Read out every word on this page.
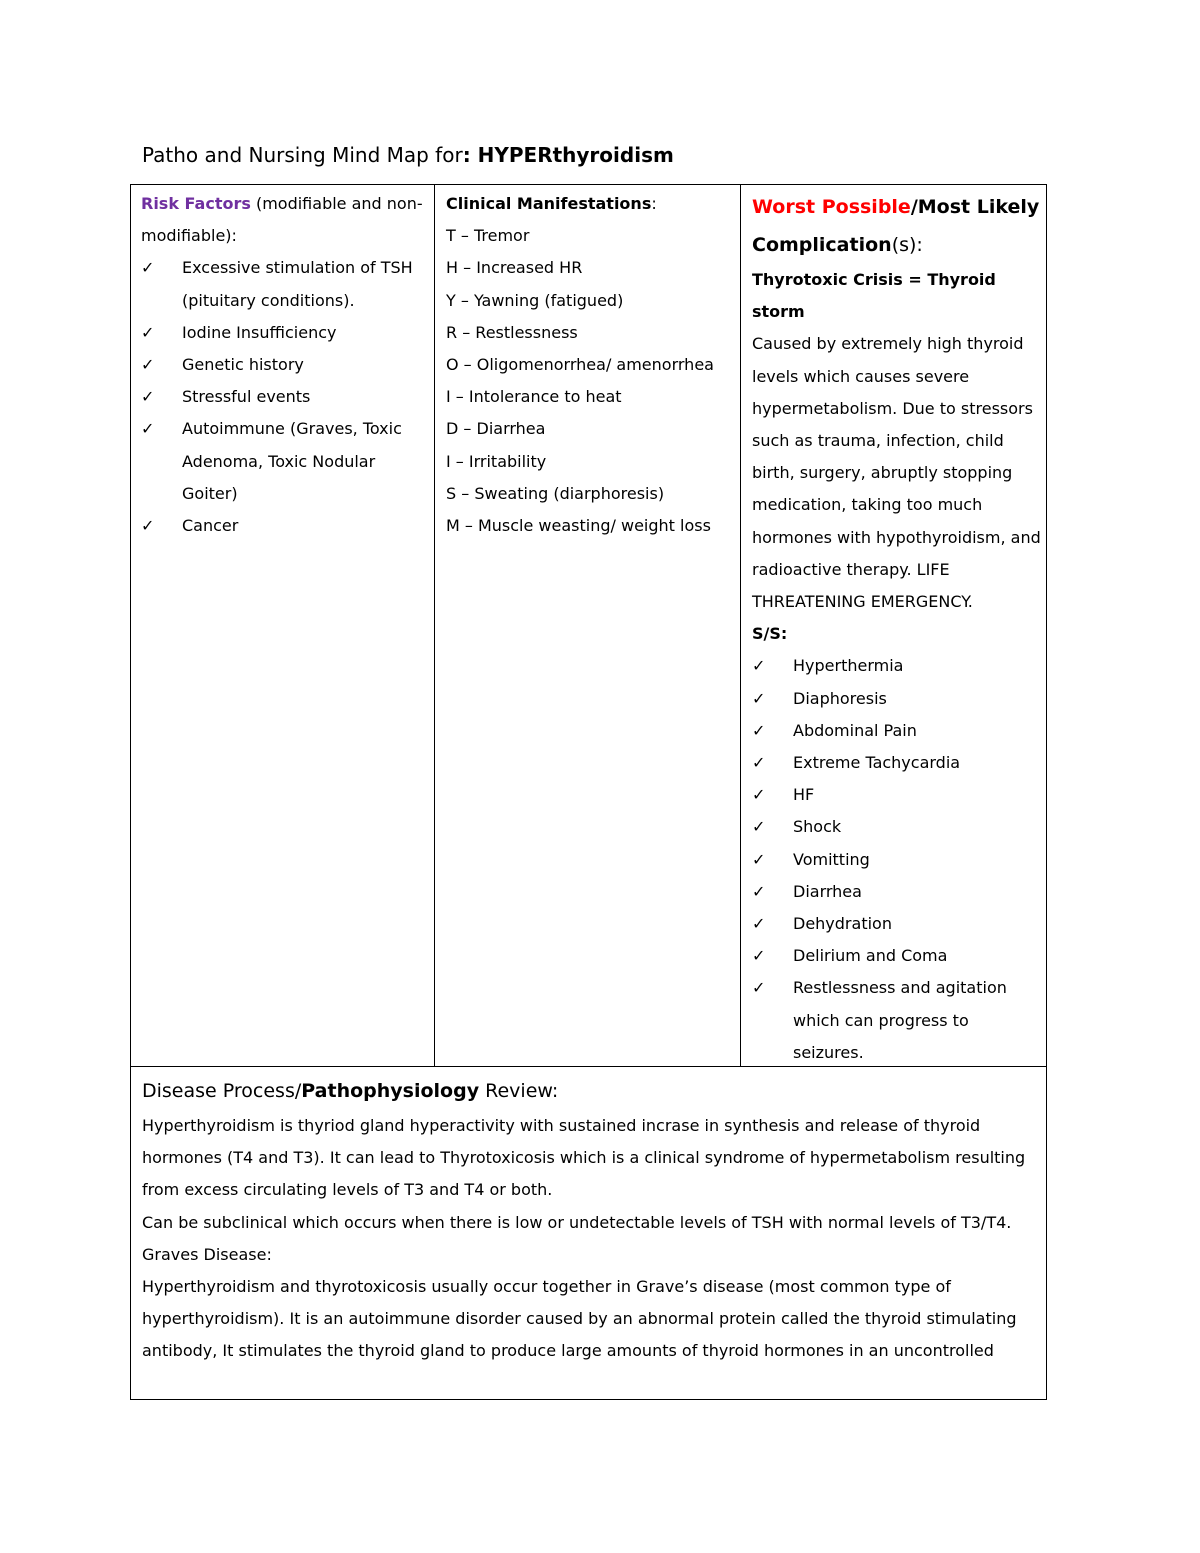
Patho and Nursing Mind Map for: HYPERthyroidism
Risk Factors (modifiable and non-modifiable):
✓ Excessive stimulation of TSH (pituitary conditions).
✓ Iodine Insufficiency
✓ Genetic history
✓ Stressful events
✓ Autoimmune (Graves, Toxic Adenoma, Toxic Nodular Goiter)
✓ Cancer
Clinical Manifestations:
T – Tremor
H – Increased HR
Y – Yawning (fatigued)
R – Restlessness
O – Oligomenorrhea/ amenorrhea
I – Intolerance to heat
D – Diarrhea
I – Irritability
S – Sweating (diarphoresis)
M – Muscle weasting/ weight loss
Worst Possible/Most Likely
Complication(s):
Thyrotoxic Crisis = Thyroid storm
Caused by extremely high thyroid levels which causes severe hypermetabolism. Due to stressors such as trauma, infection, child birth, surgery, abruptly stopping medication, taking too much hormones with hypothyroidism, and radioactive therapy. LIFE THREATENING EMERGENCY.
S/S:
✓ Hyperthermia
✓ Diaphoresis
✓ Abdominal Pain
✓ Extreme Tachycardia
✓ HF
✓ Shock
✓ Vomitting
✓ Diarrhea
✓ Dehydration
✓ Delirium and Coma
✓ Restlessness and agitation which can progress to seizures.
Disease Process/Pathophysiology Review:

Hyperthyroidism is thyriod gland hyperactivity with sustained incrase in synthesis and release of thyroid hormones (T4 and T3). It can lead to Thyrotoxicosis which is a clinical syndrome of hypermetabolism resulting from excess circulating levels of T3 and T4 or both.

Can be subclinical which occurs when there is low or undetectable levels of TSH with normal levels of T3/T4.

Graves Disease:

Hyperthyroidism and thyrotoxicosis usually occur together in Grave’s disease (most common type of hyperthyroidism). It is an autoimmune disorder caused by an abnormal protein called the thyroid stimulating antibody, It stimulates the thyroid gland to produce large amounts of thyroid hormones in an uncontrolled
